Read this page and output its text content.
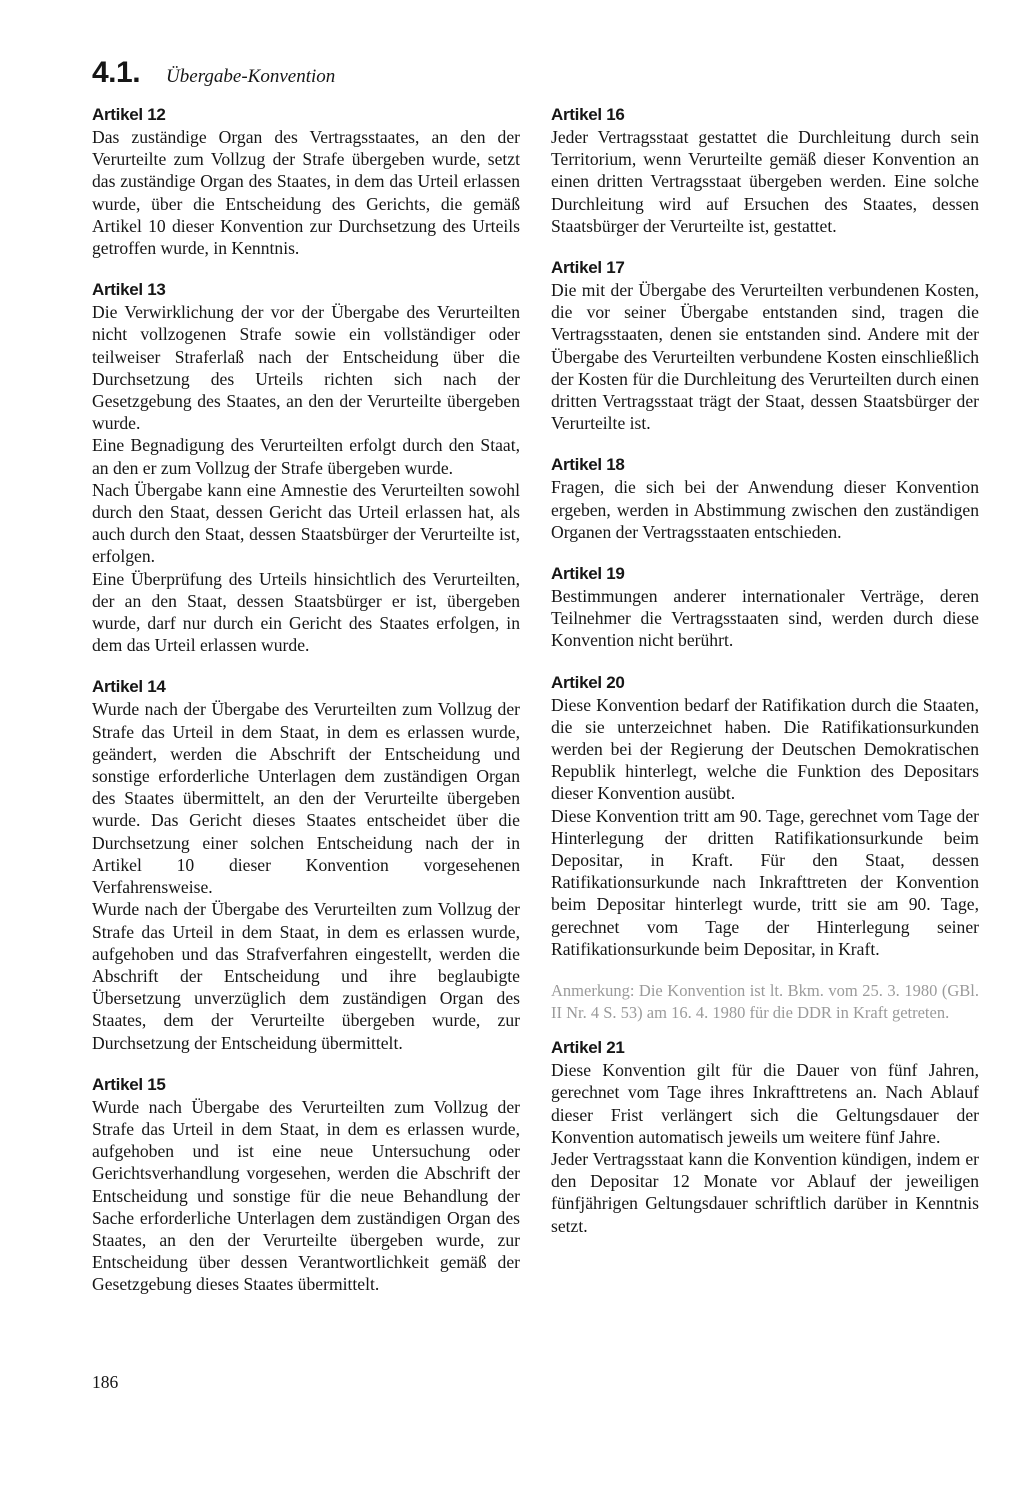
4.1. Übergabe-Konvention
Artikel 12

Das zuständige Organ des Vertragsstaates, an den der Verurteilte zum Vollzug der Strafe übergeben wurde, setzt das zuständige Organ des Staates, in dem das Urteil erlassen wurde, über die Entscheidung des Gerichts, die gemäß Artikel 10 dieser Konvention zur Durchsetzung des Urteils getroffen wurde, in Kenntnis.

Artikel 13

Die Verwirklichung der vor der Übergabe des Verurteilten nicht vollzogenen Strafe sowie ein vollständiger oder teilweiser Straferlaß nach der Entscheidung über die Durchsetzung des Urteils richten sich nach der Gesetzgebung des Staates, an den der Verurteilte übergeben wurde.

Eine Begnadigung des Verurteilten erfolgt durch den Staat, an den er zum Vollzug der Strafe übergeben wurde.

Nach Übergabe kann eine Amnestie des Verurteilten sowohl durch den Staat, dessen Gericht das Urteil erlassen hat, als auch durch den Staat, dessen Staatsbürger der Verurteilte ist, erfolgen.

Eine Überprüfung des Urteils hinsichtlich des Verurteilten, der an den Staat, dessen Staatsbürger er ist, übergeben wurde, darf nur durch ein Gericht des Staates erfolgen, in dem das Urteil erlassen wurde.

Artikel 14

Wurde nach der Übergabe des Verurteilten zum Vollzug der Strafe das Urteil in dem Staat, in dem es erlassen wurde, geändert, werden die Abschrift der Entscheidung und sonstige erforderliche Unterlagen dem zuständigen Organ des Staates übermittelt, an den der Verurteilte übergeben wurde. Das Gericht dieses Staates entscheidet über die Durchsetzung einer solchen Entscheidung nach der in Artikel 10 dieser Konvention vorgesehenen Verfahrensweise.

Wurde nach der Übergabe des Verurteilten zum Vollzug der Strafe das Urteil in dem Staat, in dem es erlassen wurde, aufgehoben und das Strafverfahren eingestellt, werden die Abschrift der Entscheidung und ihre beglaubigte Übersetzung unverzüglich dem zuständigen Organ des Staates, dem der Verurteilte übergeben wurde, zur Durchsetzung der Entscheidung übermittelt.

Artikel 15

Wurde nach Übergabe des Verurteilten zum Vollzug der Strafe das Urteil in dem Staat, in dem es erlassen wurde, aufgehoben und ist eine neue Untersuchung oder Gerichtsverhandlung vorgesehen, werden die Abschrift der Entscheidung und sonstige für die neue Behandlung der Sache erforderliche Unterlagen dem zuständigen Organ des Staates, an den der Verurteilte übergeben wurde, zur Entscheidung über dessen Verantwortlichkeit gemäß der Gesetzgebung dieses Staates übermittelt.

Artikel 16

Jeder Vertragsstaat gestattet die Durchleitung durch sein Territorium, wenn Verurteilte gemäß dieser Konvention an einen dritten Vertragsstaat übergeben werden. Eine solche Durchleitung wird auf Ersuchen des Staates, dessen Staatsbürger der Verurteilte ist, gestattet.

Artikel 17

Die mit der Übergabe des Verurteilten verbundenen Kosten, die vor seiner Übergabe entstanden sind, tragen die Vertragsstaaten, denen sie entstanden sind. Andere mit der Übergabe des Verurteilten verbundene Kosten einschließlich der Kosten für die Durchleitung des Verurteilten durch einen dritten Vertragsstaat trägt der Staat, dessen Staatsbürger der Verurteilte ist.

Artikel 18

Fragen, die sich bei der Anwendung dieser Konvention ergeben, werden in Abstimmung zwischen den zuständigen Organen der Vertragsstaaten entschieden.

Artikel 19

Bestimmungen anderer internationaler Verträge, deren Teilnehmer die Vertragsstaaten sind, werden durch diese Konvention nicht berührt.

Artikel 20

Diese Konvention bedarf der Ratifikation durch die Staaten, die sie unterzeichnet haben. Die Ratifikationsurkunden werden bei der Regierung der Deutschen Demokratischen Republik hinterlegt, welche die Funktion des Depositars dieser Konvention ausübt.

Diese Konvention tritt am 90. Tage, gerechnet vom Tage der Hinterlegung der dritten Ratifikationsurkunde beim Depositar, in Kraft. Für den Staat, dessen Ratifikationsurkunde nach Inkrafttreten der Konvention beim Depositar hinterlegt wurde, tritt sie am 90. Tage, gerechnet vom Tage der Hinterlegung seiner Ratifikationsurkunde beim Depositar, in Kraft.

Anmerkung: Die Konvention ist lt. Bkm. vom 25. 3. 1980 (GBl. II Nr. 4 S. 53) am 16. 4. 1980 für die DDR in Kraft getreten.

Artikel 21

Diese Konvention gilt für die Dauer von fünf Jahren, gerechnet vom Tage ihres Inkrafttretens an. Nach Ablauf dieser Frist verlängert sich die Geltungsdauer der Konvention automatisch jeweils um weitere fünf Jahre.

Jeder Vertragsstaat kann die Konvention kündigen, indem er den Depositar 12 Monate vor Ablauf der jeweiligen fünfjährigen Geltungsdauer schriftlich darüber in Kenntnis setzt.

186
